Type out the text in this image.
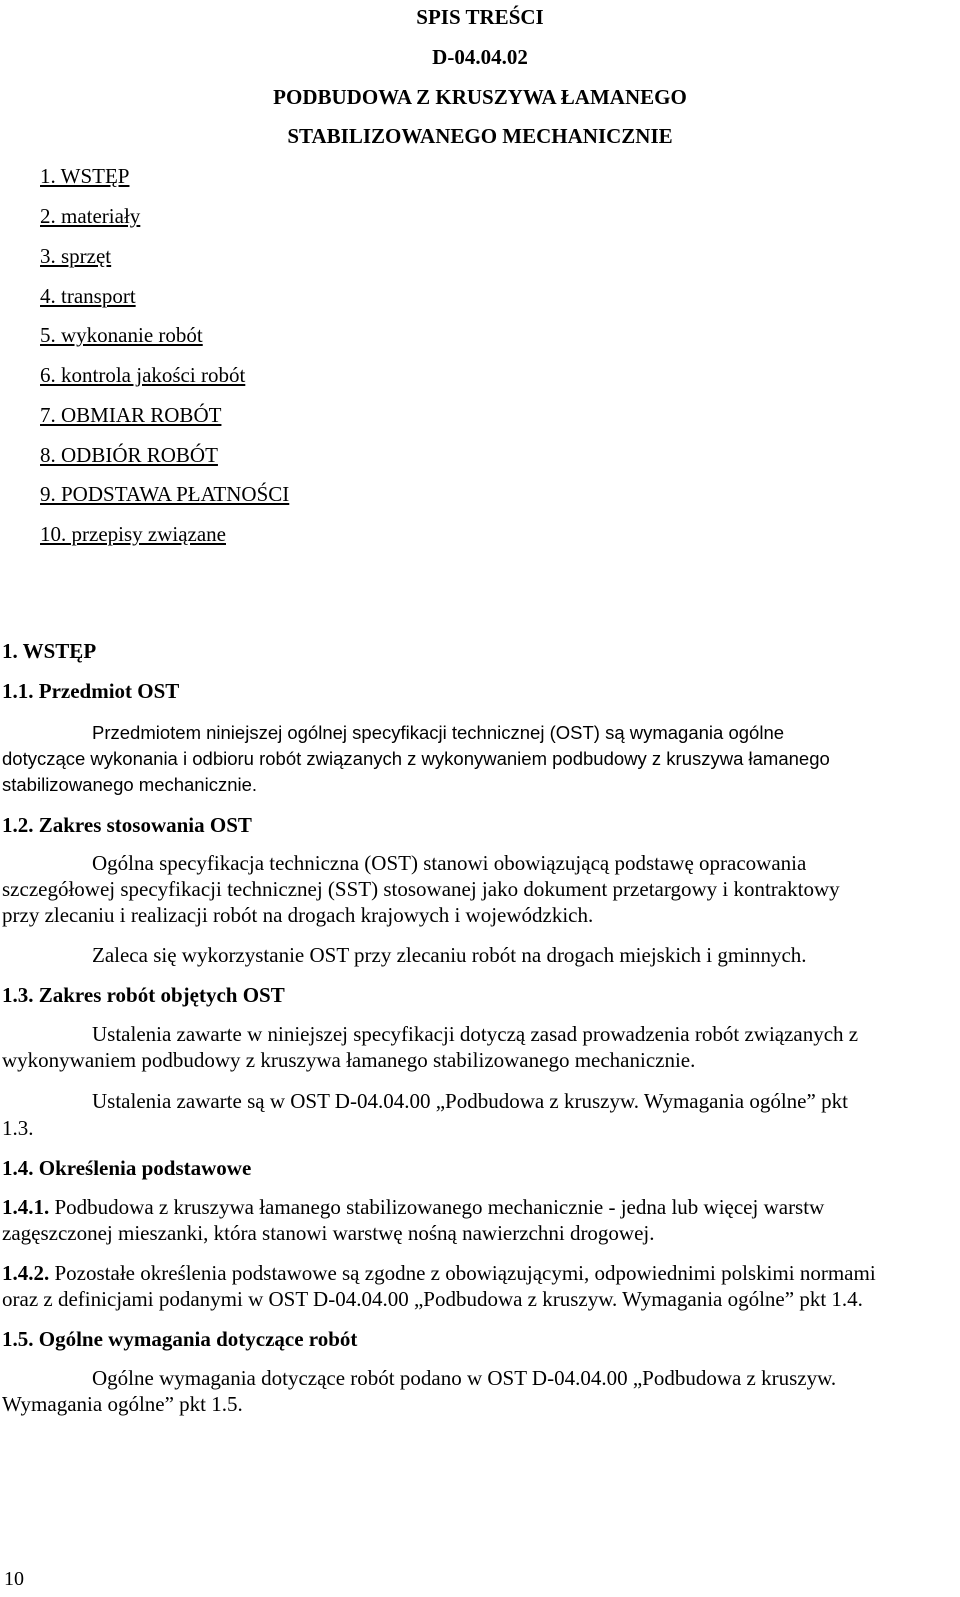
SPIS TREŚCI
D-04.04.02
PODBUDOWA Z KRUSZYWA ŁAMANEGO
STABILIZOWANEGO MECHANICZNIE
1. WSTĘP
2. materiały
3. sprzęt
4. transport
5. wykonanie robót
6. kontrola jakości robót
7. OBMIAR ROBÓT
8. ODBIÓR ROBÓT
9. PODSTAWA PŁATNOŚCI
10. przepisy związane
1. WSTĘP
1.1. Przedmiot OST
Przedmiotem niniejszej ogólnej specyfikacji technicznej (OST) są wymagania ogólne
dotyczące wykonania i odbioru robót związanych z wykonywaniem podbudowy z kruszywa łamanego
stabilizowanego mechanicznie.
1.2. Zakres stosowania OST
Ogólna specyfikacja techniczna (OST) stanowi obowiązującą podstawę opracowania
szczegółowej specyfikacji technicznej (SST) stosowanej jako dokument przetargowy i kontraktowy
przy zlecaniu i realizacji robót na drogach krajowych i wojewódzkich.
Zaleca się wykorzystanie OST przy zlecaniu robót na drogach miejskich i gminnych.
1.3. Zakres robót objętych OST
Ustalenia zawarte w niniejszej specyfikacji dotyczą zasad prowadzenia robót związanych z
wykonywaniem podbudowy z kruszywa łamanego stabilizowanego mechanicznie.
Ustalenia zawarte są w OST D-04.04.00 „Podbudowa z kruszyw. Wymagania ogólne” pkt
1.3.
1.4. Określenia podstawowe
1.4.1. Podbudowa z kruszywa łamanego stabilizowanego mechanicznie - jedna lub więcej warstw
zagęszczonej mieszanki, która stanowi warstwę nośną nawierzchni drogowej.
1.4.2. Pozostałe określenia podstawowe są zgodne z obowiązującymi, odpowiednimi polskimi normami
oraz z definicjami podanymi w OST D-04.04.00 „Podbudowa z kruszyw. Wymagania ogólne” pkt 1.4.
1.5. Ogólne wymagania dotyczące robót
Ogólne wymagania dotyczące robót podano w OST D-04.04.00 „Podbudowa z kruszyw.
Wymagania ogólne” pkt 1.5.
10
